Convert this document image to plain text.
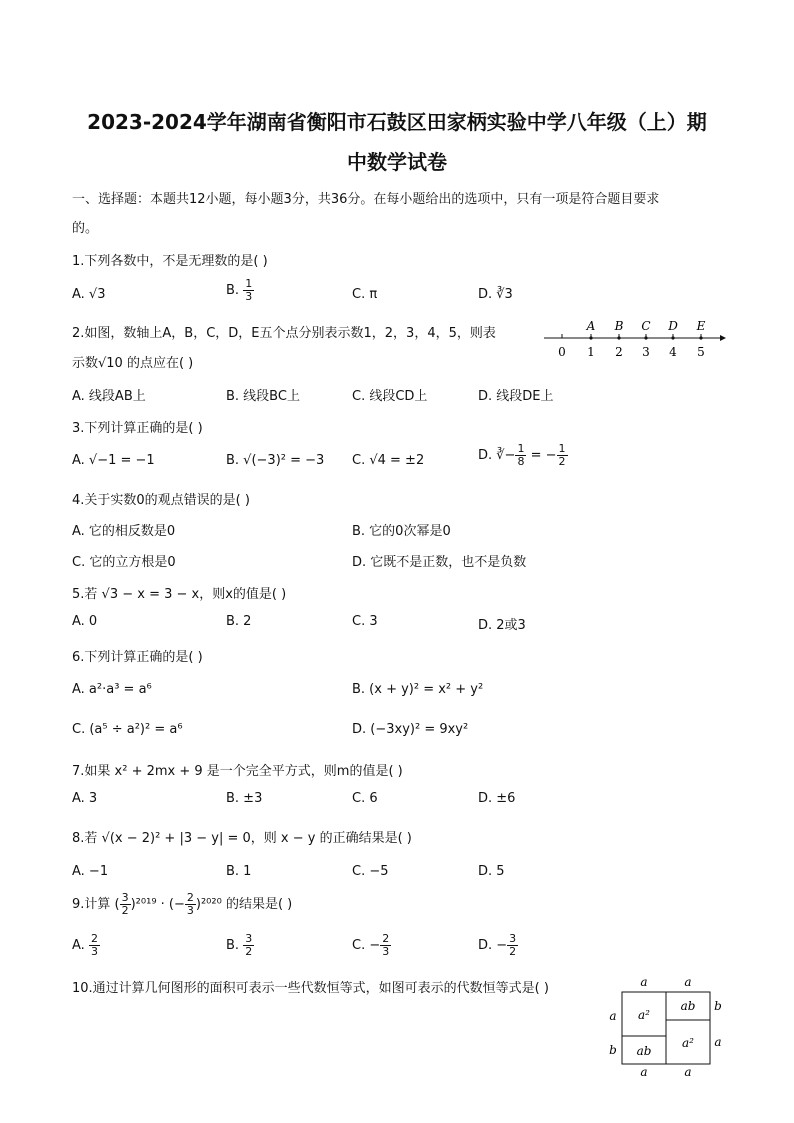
2023-2024学年湖南省衡阳市石鼓区田家柄实验中学八年级（上）期
中数学试卷
一、选择题：本题共12小题，每小题3分，共36分。在每小题给出的选项中，只有一项是符合题目要求
的。
1.下列各数中，不是无理数的是( )
A. √3	B. $\frac{1}{3}$	C. π	D. ∛3
2.如图，数轴上A，B，C，D，E五个点分别表示数1，2，3，4，5，则表
示数√10 的点应在( )
A B C D E
0 1 2 3 4 5
A. 线段AB上	B. 线段BC上	C. 线段CD上	D. 线段DE上
3.下列计算正确的是( )
A. √−1 = −1	B. √(−3)² = −3 C. √4 = ±2	D. ∛− $\frac{1}{8}$ = − $\frac{1}{2}$
4.关于实数0的观点错误的是( )
A. 它的相反数是0	B. 它的0次幂是0
C. 它的立方根是0	D. 它既不是正数，也不是负数
5.若 √3 − x = 3 − x，则x的值是( )
A. 0	B. 2	C. 3	D. 2或3
6.下列计算正确的是( )
A. a²·a³ = a⁶	B. (x + y)² = x² + y²
C. (a⁵ ÷ a²)² = a⁶	D. (−3xy)² = 9xy²
7.如果 x² + 2mx + 9 是一个完全平方式，则m的值是( )
A. 3	B. ±3	C. 6	D. ±6
8.若 √(x − 2)² + |3 − y| = 0，则 x − y 的正确结果是( )
A. −1	B. 1	C. −5	D. 5
9.计算 ( $\frac{3}{2} )^{2019}$ · (− $\frac{2}{3} )^{2020}$ 的结果是( )
A. $\frac{2}{3}$	B. $\frac{3}{2}$	C. − $\frac{2}{3}$	D. − $\frac{3}{2}$
10.通过计算几何图形的面积可表示一些代数恒等式，如图可表示的代数恒等式是( )	a	a
a	a
a
b
b
a
a²
ab
ab
a²
